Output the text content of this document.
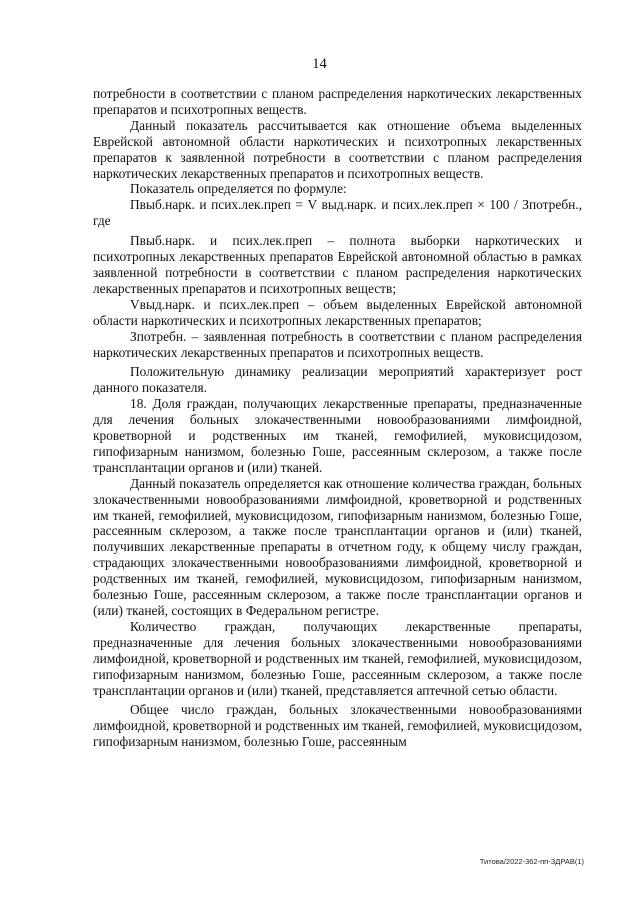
14

потребности в соответствии с планом распределения наркотических лекарственных препаратов и психотропных веществ.

Данный показатель рассчитывается как отношение объема выделенных Еврейской автономной области наркотических и психотропных лекарственных препаратов к заявленной потребности в соответствии с планом распределения наркотических лекарственных препаратов и психотропных веществ.

Показатель определяется по формуле:

Пвыб.нарк. и псих.лек.преп = V выд.нарк. и псих.лек.преп × 100 / Зпотребн., где

Пвыб.нарк. и псих.лек.преп – полнота выборки наркотических и психотропных лекарственных препаратов Еврейской автономной областью в рамках заявленной потребности в соответствии с планом распределения наркотических лекарственных препаратов и психотропных веществ;

Vвыд.нарк. и псих.лек.преп – объем выделенных Еврейской автономной области наркотических и психотропных лекарственных препаратов;

Зпотребн. – заявленная потребность в соответствии с планом распределения наркотических лекарственных препаратов и психотропных веществ.

Положительную динамику реализации мероприятий характеризует рост данного показателя.

18. Доля граждан, получающих лекарственные препараты, предназначенные для лечения больных злокачественными новообразованиями лимфоидной, кроветворной и родственных им тканей, гемофилией, муковисцидозом, гипофизарным нанизмом, болезнью Гоше, рассеянным склерозом, а также после трансплантации органов и (или) тканей.

Данный показатель определяется как отношение количества граждан, больных злокачественными новообразованиями лимфоидной, кроветворной и родственных им тканей, гемофилией, муковисцидозом, гипофизарным нанизмом, болезнью Гоше, рассеянным склерозом, а также после трансплантации органов и (или) тканей, получивших лекарственные препараты в отчетном году, к общему числу граждан, страдающих злокачественными новообразованиями лимфоидной, кроветворной и родственных им тканей, гемофилией, муковисцидозом, гипофизарным нанизмом, болезнью Гоше, рассеянным склерозом, а также после трансплантации органов и (или) тканей, состоящих в Федеральном регистре.

Количество граждан, получающих лекарственные препараты, предназначенные для лечения больных злокачественными новообразованиями лимфоидной, кроветворной и родственных им тканей, гемофилией, муковисцидозом, гипофизарным нанизмом, болезнью Гоше, рассеянным склерозом, а также после трансплантации органов и (или) тканей, представляется аптечной сетью области.

Общее число граждан, больных злокачественными новообразованиями лимфоидной, кроветворной и родственных им тканей, гемофилией, муковисцидозом, гипофизарным нанизмом, болезнью Гоше, рассеянным

Титова/2022-362-пп-ЗДРАВ(1)
